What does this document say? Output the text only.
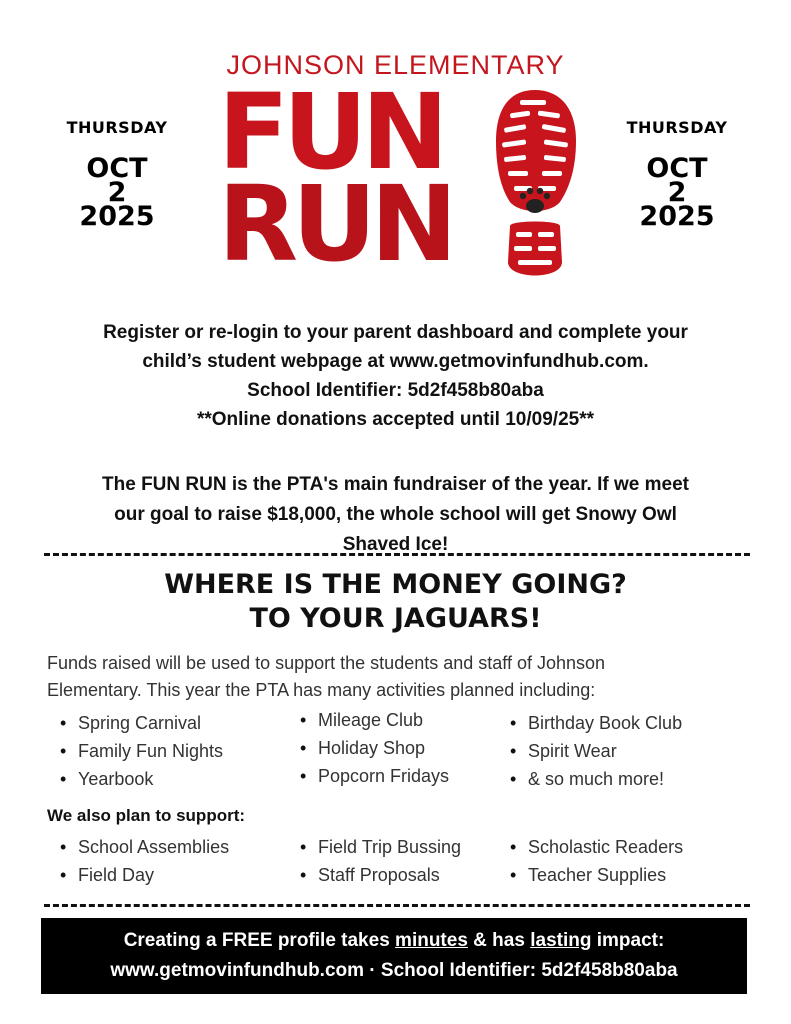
JOHNSON ELEMENTARY
THURSDAY
OCT
2
2025
THURSDAY
OCT
2
2025
FUN
RUN
Register or re-login to your parent dashboard and complete your
child’s student webpage at www.getmovinfundhub.com.
School Identifier: 5d2f458b80aba
**Online donations accepted until 10/09/25**
The FUN RUN is the PTA's main fundraiser of the year. If we meet
our goal to raise $18,000, the whole school will get Snowy Owl
Shaved Ice!
WHERE IS THE MONEY GOING?
TO YOUR JAGUARS!
Funds raised will be used to support the students and staff of Johnson
Elementary. This year the PTA has many activities planned including:
• Spring Carnival
• Family Fun Nights
• Yearbook
• Mileage Club
• Holiday Shop
• Popcorn Fridays
• Birthday Book Club
• Spirit Wear
• & so much more!
We also plan to support:
• School Assemblies
• Field Day
• Field Trip Bussing
• Staff Proposals
• Scholastic Readers
• Teacher Supplies
Creating a FREE profile takes minutes & has lasting impact:
www.getmovinfundhub.com · School Identifier: 5d2f458b80aba
